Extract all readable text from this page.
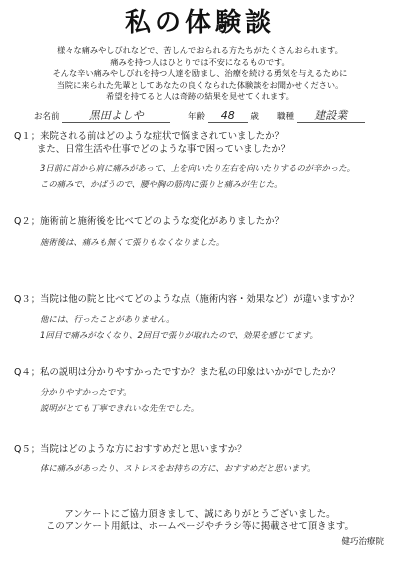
私の体験談
様々な痛みやしびれなどで、苦しんでおられる方たちがたくさんおられます。
痛みを持つ人はひとりでは不安になるものです。
そんな辛い痛みやしびれを持つ人達を励まし、治療を続ける勇気を与えるために
当院に来られた先輩としてあなたの良くなられた体験談をお聞かせください。
希望を持てると人は奇跡の結果を見せてくれます。
お名前	黒田よしや	年齢 48 歳 職種 建設業
Q１；来院される前はどのような症状で悩まされていましたか？
また、日常生活や仕事でどのような事で困っていましたか？
3日前に首から肩に痛みがあって、上を向いたり左右を向いたりするのが辛かった。
この痛みで、かばうので、腰や胸の筋肉に張りと痛みが生じた。
Q２；施術前と施術後を比べてどのような変化がありましたか？
施術後は、痛みも無くて張りもなくなりました。
Q３；当院は他の院と比べてどのような点（施術内容・効果など）が違いますか？
他には、行ったことがありません。
1回目で痛みがなくなり、2回目で張りが取れたので、効果を感じてます。
Q４；私の説明は分かりやすかったですか？また私の印象はいかがでしたか？
分かりやすかったです。
説明がとても丁寧できれいな先生でした。
Q５；当院はどのような方におすすめだと思いますか？
体に痛みがあったり、ストレスをお持ちの方に、おすすめだと思います。
アンケートにご協力頂きまして、誠にありがとうございました。
このアンケート用紙は、ホームページやチラシ等に掲載させて頂きます。
健巧治療院
